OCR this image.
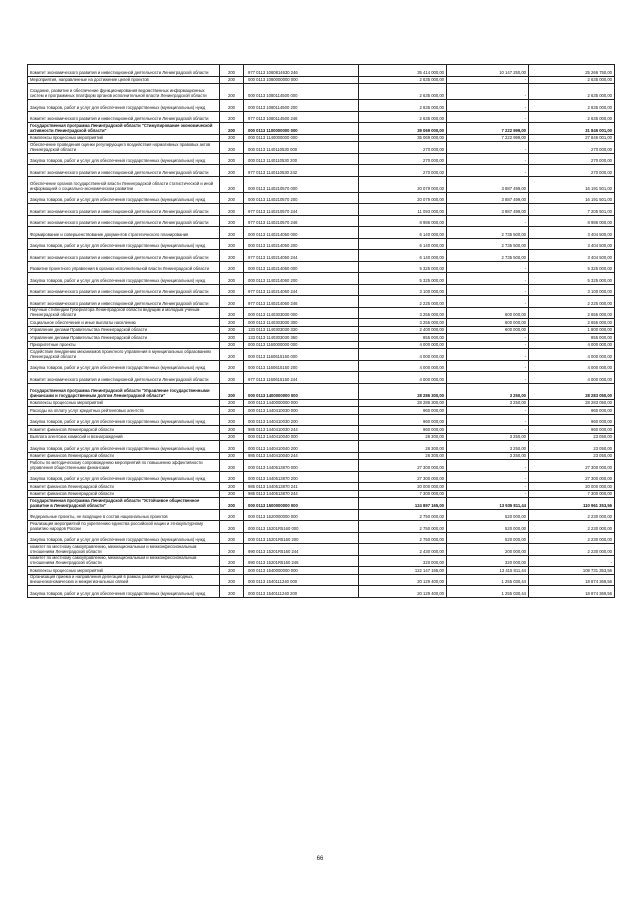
Комитет экономического развития и инвестиционной деятельности Ленинградской области	200	977 0113 1060814630 246	35 414 000,00	10 147 250,00	25 266 750,00
Мероприятия, направленные на достижение целей проектов	200	000 0113 1080000000 000	2 635 000,00	-	2 635 000,00
Создание, развитие и обеспечение функционирования ведомственных информационных систем и программных платформ органов исполнительной власти Ленинградской области	200	000 0113 1080114500 000	2 635 000,00	-	2 635 000,00
Закупка товаров, работ и услуг для обеспечения государственных (муниципальных) нужд	200	000 0113 1080114500 200	2 635 000,00	-	2 635 000,00
Комитет экономического развития и инвестиционной деятельности Ленинградской области	200	977 0113 1080114500 246	2 635 000,00	-	2 635 000,00
Государственная программа Ленинградской области "Стимулирование экономической активности Ленинградской области"	200	000 0113 1100000000 000	39 069 000,00	7 222 999,00	31 846 001,00
Комплексы процессных мероприятий	200	000 0113 1140000000 000	35 069 000,00	7 222 999,00	27 846 001,00
Обеспечение проведения оценки регулирующего воздействия нормативных правовых актов Ленинградской области	200	000 0113 1140110530 000	270 000,00	-	270 000,00
Закупка товаров, работ и услуг для обеспечения государственных (муниципальных) нужд	200	000 0113 1140110530 200	270 000,00	-	270 000,00
Комитет экономического развития и инвестиционной деятельности Ленинградской области	200	977 0113 1140110530 242	270 000,00	-	270 000,00
Обеспечение органов государственной власти Ленинградской области статистической и иной информацией о социально-экономическом развитии	200	000 0113 1140210570 000	20 079 000,00	3 887 499,00	16 191 501,00
Закупка товаров, работ и услуг для обеспечения государственных (муниципальных) нужд	200	000 0113 1140210570 200	20 079 000,00	3 887 499,00	16 191 501,00
Комитет экономического развития и инвестиционной деятельности Ленинградской области	200	977 0113 1140210570 244	11 093 000,00	3 887 499,00	7 205 501,00
Комитет экономического развития и инвестиционной деятельности Ленинградской области	200	977 0113 1140210570 246	8 986 000,00	-	8 986 000,00
Формирование и совершенствование документов стратегического планирования	200	000 0113 1140214050 000	6 140 000,00	2 735 500,00	3 404 500,00
Закупка товаров, работ и услуг для обеспечения государственных (муниципальных) нужд	200	000 0113 1140214050 200	6 140 000,00	2 735 500,00	3 404 500,00
Комитет экономического развития и инвестиционной деятельности Ленинградской области	200	977 0113 1140214050 244	6 140 000,00	2 735 500,00	3 404 500,00
Развитие проектного управления в органах исполнительной власти Ленинградской области	200	000 0113 1140214060 000	5 325 000,00	-	5 325 000,00
Закупка товаров, работ и услуг для обеспечения государственных (муниципальных) нужд	200	000 0113 1140214060 200	5 325 000,00	-	5 325 000,00
Комитет экономического развития и инвестиционной деятельности Ленинградской области	200	977 0113 1140214060 244	3 100 000,00	-	3 100 000,00
Комитет экономического развития и инвестиционной деятельности Ленинградской области	200	977 0113 1140214060 246	2 225 000,00	-	2 225 000,00
Научные стипендии Губернатора Ленинградской области ведущим и молодым ученым Ленинградской области	200	000 0113 1140303030 000	3 255 000,00	600 000,00	2 655 000,00
Социальное обеспечение и иные выплаты населению	200	000 0113 1140303030 300	3 255 000,00	600 000,00	2 655 000,00
Управление делами Правительства Ленинградской области	200	133 0113 1140303030 330	2 400 000,00	600 000,00	1 800 000,00
Управление делами Правительства Ленинградской области	200	133 0113 1140303030 350	855 000,00	-	855 000,00
Приоритетные проекты	200	000 0113 1160000000 000	4 000 000,00	-	4 000 000,00
Содействие внедрению механизмов проектного управления в муниципальных образованиях Ленинградской области	200	000 0113 1160615150 000	4 000 000,00	-	4 000 000,00
Закупка товаров, работ и услуг для обеспечения государственных (муниципальных) нужд	200	000 0113 1160615150 200	4 000 000,00	-	4 000 000,00
Комитет экономического развития и инвестиционной деятельности Ленинградской области	200	977 0113 1160615150 244	4 000 000,00	-	4 000 000,00
Государственная программа Ленинградской области "Управление государственными финансами и государственным долгом Ленинградской области"	200	000 0113 1400000000 000	28 286 300,00	3 250,00	28 283 050,00
Комплексы процессных мероприятий	200	000 0113 1440000000 000	28 286 300,00	3 250,00	28 283 050,00
Расходы на оплату услуг кредитных рейтинговых агентств	200	000 0113 1440410030 000	960 000,00	-	960 000,00
Закупка товаров, работ и услуг для обеспечения государственных (муниципальных) нужд	200	000 0113 1440410030 200	960 000,00	-	960 000,00
Комитет финансов Ленинградской области	200	985 0113 1440410030 244	960 000,00	-	960 000,00
Выплата агентских комиссий и вознаграждений	200	000 0113 1440410040 000	26 300,00	3 250,00	23 050,00
Закупка товаров, работ и услуг для обеспечения государственных (муниципальных) нужд	200	000 0113 1440410040 200	26 300,00	3 250,00	23 050,00
Комитет финансов Ленинградской области	200	985 0113 1440410040 244	26 300,00	3 250,00	23 050,00
Работы по методическому сопровождению мероприятий по повышению эффективности управления общественными финансами	200	000 0113 1440513870 000	27 300 000,00	-	27 300 000,00
Закупка товаров, работ и услуг для обеспечения государственных (муниципальных) нужд	200	000 0113 1440513870 200	27 300 000,00	-	27 300 000,00
Комитет финансов Ленинградской области	200	985 0113 1440513870 241	20 000 000,00	-	20 000 000,00
Комитет финансов Ленинградской области	200	985 0113 1440513870 244	7 300 000,00	-	7 300 000,00
Государственная программа Ленинградской области "Устойчивое общественное развитие в Ленинградской области"	200	000 0113 1500000000 000	124 897 165,00	13 935 811,44	110 961 353,56
Федеральные проекты, не входящие в состав национальных проектов	200	000 0113 1520000000 000	2 750 000,00	520 000,00	2 230 000,00
Реализация мероприятий по укреплению единства российской нации и этнокультурному развитию народов России	200	000 0113 15201R5160 000	2 750 000,00	520 000,00	2 230 000,00
Закупка товаров, работ и услуг для обеспечения государственных (муниципальных) нужд	200	000 0113 15201R5160 200	2 750 000,00	520 000,00	2 230 000,00
комитет по местному самоуправлению, межнациональным и межконфессиональным отношениям Ленинградской области	200	990 0113 15201R5160 244	2 430 000,00	200 000,00	2 230 000,00
комитет по местному самоуправлению, межнациональным и межконфессиональным отношениям Ленинградской области	200	990 0113 15201R5160 246	320 000,00	320 000,00	-
Комплексы процессных мероприятий	200	000 0113 1540000000 000	122 147 165,00	13 415 811,44	108 731 353,56
Организация приема и направления делегаций в рамках развития международных, внешнеэкономических и межрегиональных связей	200	000 0113 1540111240 000	20 129 400,00	1 255 030,44	18 874 369,56
Закупка товаров, работ и услуг для обеспечения государственных (муниципальных) нужд	200	000 0113 1540111240 200	20 129 400,00	1 255 030,44	18 874 369,56
66
